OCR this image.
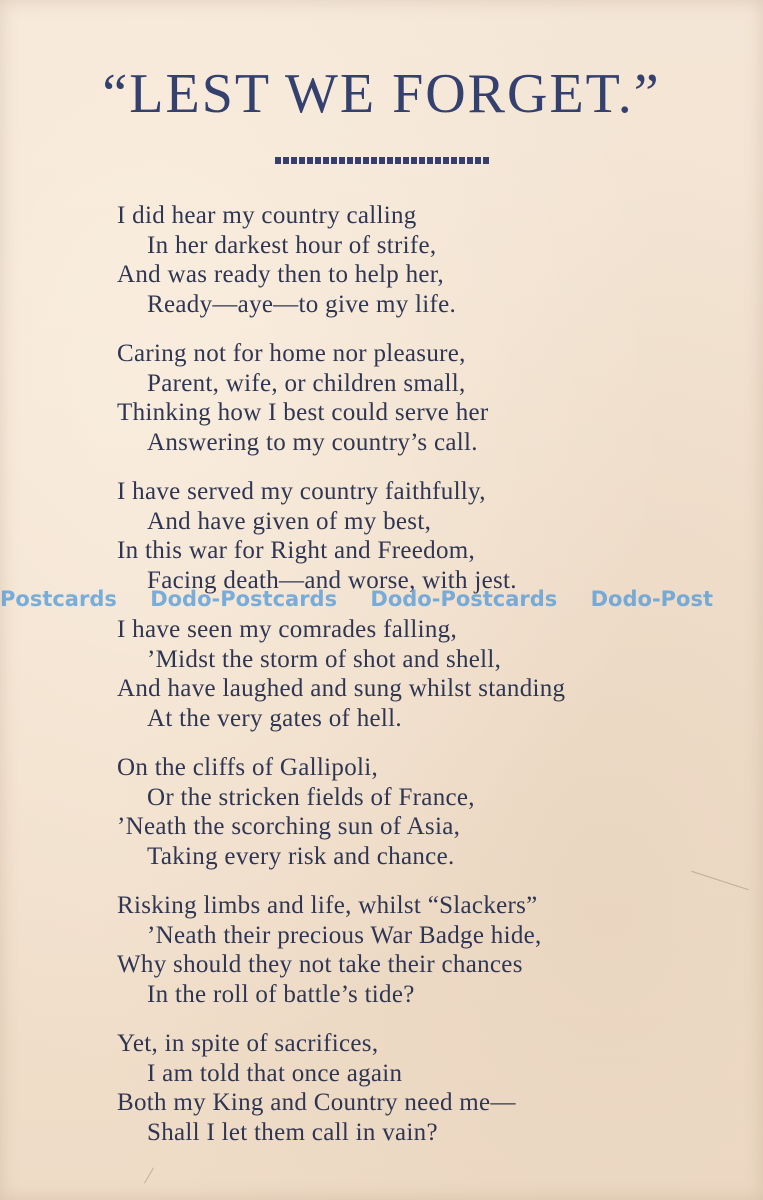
“LEST WE FORGET.”
I did hear my country calling
In her darkest hour of strife,
And was ready then to help her,
Ready—aye—to give my life.
Caring not for home nor pleasure,
Parent, wife, or children small,
Thinking how I best could serve her
Answering to my country’s call.
I have served my country faithfully,
And have given of my best,
In this war for Right and Freedom,
Facing death—and worse, with jest.
I have seen my comrades falling,
’Midst the storm of shot and shell,
And have laughed and sung whilst standing
At the very gates of hell.
On the cliffs of Gallipoli,
Or the stricken fields of France,
’Neath the scorching sun of Asia,
Taking every risk and chance.
Risking limbs and life, whilst “Slackers”
’Neath their precious War Badge hide,
Why should they not take their chances
In the roll of battle’s tide?
Yet, in spite of sacrifices,
I am told that once again
Both my King and Country need me—
Shall I let them call in vain?
Postcards Dodo-Postcards Dodo-Postcards Dodo-Post
